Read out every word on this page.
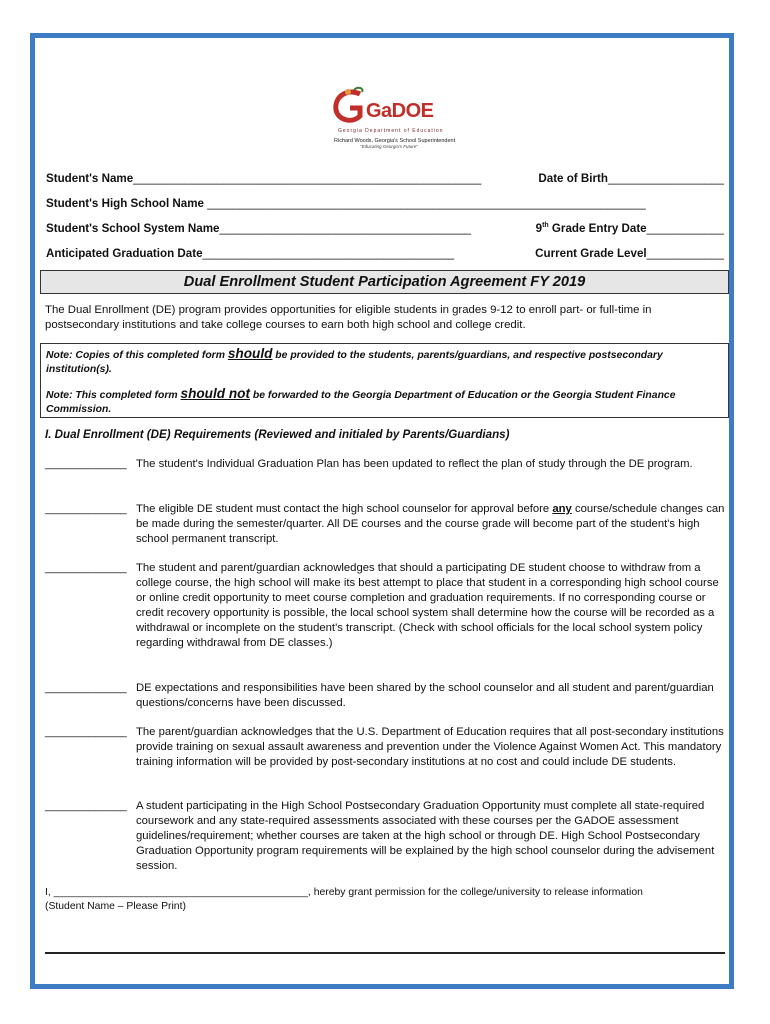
GaDOE
Georgia Department of Education
Richard Woods, Georgia's School Superintendent
"Educating Georgia's Future"
Student's Name______________________________________________________	Date of Birth__________________
Student's High School Name ____________________________________________________________________
Student's School System Name_______________________________________	9th Grade Entry Date____________
Anticipated Graduation Date_______________________________________	Current Grade Level____________
Dual Enrollment Student Participation Agreement FY 2019
The Dual Enrollment (DE) program provides opportunities for eligible students in grades 9-12 to enroll part- or full-time in postsecondary institutions and take college courses to earn both high school and college credit.
Note: Copies of this completed form should be provided to the students, parents/guardians, and respective postsecondary institution(s).
Note: This completed form should not be forwarded to the Georgia Department of Education or the Georgia Student Finance Commission.
I. Dual Enrollment (DE) Requirements (Reviewed and initialed by Parents/Guardians)
_____________ The student's Individual Graduation Plan has been updated to reflect the plan of study through the DE program.
_____________ The eligible DE student must contact the high school counselor for approval before any course/schedule changes can be made during the semester/quarter. All DE courses and the course grade will become part of the student's high school permanent transcript.
_____________ The student and parent/guardian acknowledges that should a participating DE student choose to withdraw from a college course, the high school will make its best attempt to place that student in a corresponding high school course or online credit opportunity to meet course completion and graduation requirements. If no corresponding course or credit recovery opportunity is possible, the local school system shall determine how the course will be recorded as a withdrawal or incomplete on the student's transcript. (Check with school officials for the local school system policy regarding withdrawal from DE classes.)
_____________ DE expectations and responsibilities have been shared by the school counselor and all student and parent/guardian questions/concerns have been discussed.
_____________ The parent/guardian acknowledges that the U.S. Department of Education requires that all post-secondary institutions provide training on sexual assault awareness and prevention under the Violence Against Women Act. This mandatory training information will be provided by post-secondary institutions at no cost and could include DE students.
_____________ A student participating in the High School Postsecondary Graduation Opportunity must complete all state-required coursework and any state-required assessments associated with these courses per the GADOE assessment guidelines/requirement; whether courses are taken at the high school or through DE. High School Postsecondary Graduation Opportunity program requirements will be explained by the high school counselor during the advisement session.
I, ____________________________________________, hereby grant permission for the college/university to release information
(Student Name – Please Print)
